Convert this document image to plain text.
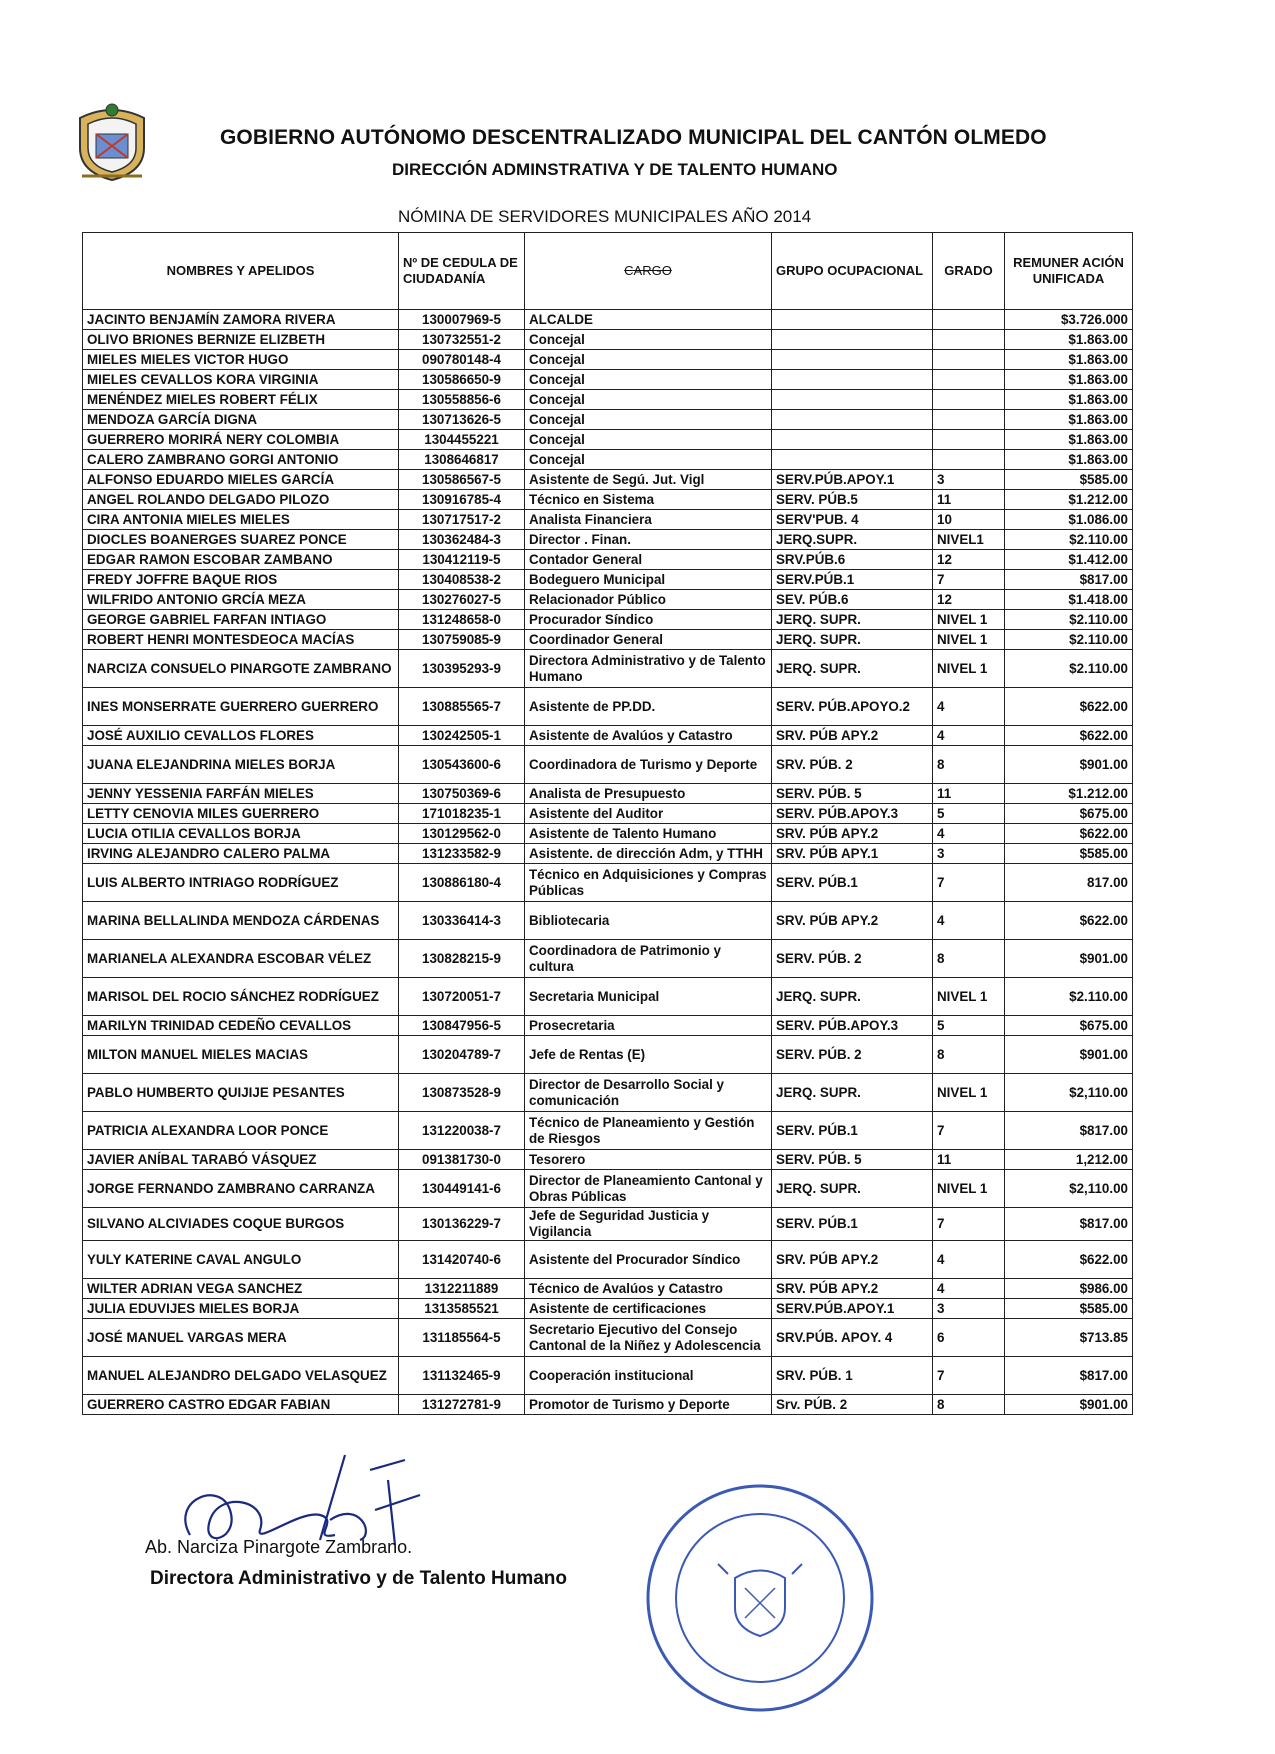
GOBIERNO AUTÓNOMO DESCENTRALIZADO MUNICIPAL DEL CANTÓN OLMEDO
DIRECCIÓN ADMINSTRATIVA Y DE TALENTO HUMANO
NÓMINA DE SERVIDORES MUNICIPALES AÑO 2014
NOMBRES Y APELIDOS	Nº DE CEDULA DE CIUDADANÍA	CARGO	GRUPO OCUPACIONAL	GRADO	REMUNER ACIÓN UNIFICADA
JACINTO BENJAMÍN ZAMORA RIVERA	130007969-5	ALCALDE			$3.726.000
OLIVO BRIONES BERNIZE ELIZBETH	130732551-2	Concejal			$1.863.00
MIELES MIELES VICTOR HUGO	090780148-4	Concejal			$1.863.00
MIELES CEVALLOS KORA VIRGINIA	130586650-9	Concejal			$1.863.00
MENÉNDEZ MIELES ROBERT FÉLIX	130558856-6	Concejal			$1.863.00
MENDOZA GARCÍA DIGNA	130713626-5	Concejal			$1.863.00
GUERRERO MORIRÁ NERY COLOMBIA	1304455221	Concejal			$1.863.00
CALERO ZAMBRANO GORGI ANTONIO	1308646817	Concejal			$1.863.00
ALFONSO EDUARDO MIELES GARCÍA	130586567-5	Asistente de Segú. Jut. Vigl	SERV.PÚB.APOY.1	3	$585.00
ANGEL ROLANDO DELGADO PILOZO	130916785-4	Técnico en Sistema	SERV. PÚB.5	11	$1.212.00
CIRA ANTONIA MIELES MIELES	130717517-2	Analista Financiera	SERV'PUB. 4	10	$1.086.00
DIOCLES BOANERGES SUAREZ PONCE	130362484-3	Director . Finan.	JERQ.SUPR.	NIVEL1	$2.110.00
EDGAR RAMON ESCOBAR ZAMBANO	130412119-5	Contador General	SRV.PÚB.6	12	$1.412.00
FREDY JOFFRE BAQUE RIOS	130408538-2	Bodeguero Municipal	SERV.PÚB.1	7	$817.00
WILFRIDO ANTONIO GRCÍA MEZA	130276027-5	Relacionador Público	SEV. PÚB.6	12	$1.418.00
GEORGE GABRIEL FARFAN INTIAGO	131248658-0	Procurador Síndico	JERQ. SUPR.	NIVEL 1	$2.110.00
ROBERT HENRI MONTESDEOCA MACÍAS	130759085-9	Coordinador General	JERQ. SUPR.	NIVEL 1	$2.110.00
NARCIZA CONSUELO PINARGOTE ZAMBRANO	130395293-9	Directora Administrativo y de Talento Humano	JERQ. SUPR.	NIVEL 1	$2.110.00
INES MONSERRATE GUERRERO GUERRERO	130885565-7	Asistente de PP.DD.	SERV. PÚB.APOYO.2	4	$622.00
JOSÉ AUXILIO CEVALLOS FLORES	130242505-1	Asistente de Avalúos y Catastro	SRV. PÚB APY.2	4	$622.00
JUANA ELEJANDRINA MIELES BORJA	130543600-6	Coordinadora de Turismo y Deporte	SRV. PÚB. 2	8	$901.00
JENNY YESSENIA FARFÁN MIELES	130750369-6	Analista de Presupuesto	SERV. PÚB. 5	11	$1.212.00
LETTY CENOVIA MILES GUERRERO	171018235-1	Asistente del Auditor	SERV. PÚB.APOY.3	5	$675.00
LUCIA OTILIA CEVALLOS BORJA	130129562-0	Asistente de Talento Humano	SRV. PÚB APY.2	4	$622.00
IRVING ALEJANDRO CALERO PALMA	131233582-9	Asistente. de dirección Adm, y TTHH	SRV. PÚB APY.1	3	$585.00
LUIS ALBERTO INTRIAGO RODRÍGUEZ	130886180-4	Técnico en Adquisiciones y Compras Públicas	SERV. PÚB.1	7	817.00
MARINA BELLALINDA MENDOZA CÁRDENAS	130336414-3	Bibliotecaria	SRV. PÚB APY.2	4	$622.00
MARIANELA ALEXANDRA ESCOBAR VÉLEZ	130828215-9	Coordinadora de Patrimonio y cultura	SERV. PÚB. 2	8	$901.00
MARISOL DEL ROCIO SÁNCHEZ RODRÍGUEZ	130720051-7	Secretaria Municipal	JERQ. SUPR.	NIVEL 1	$2.110.00
MARILYN TRINIDAD CEDEÑO CEVALLOS	130847956-5	Prosecretaria	SERV. PÚB.APOY.3	5	$675.00
MILTON MANUEL MIELES MACIAS	130204789-7	Jefe de Rentas (E)	SERV. PÚB. 2	8	$901.00
PABLO HUMBERTO QUIJIJE PESANTES	130873528-9	Director de Desarrollo Social y comunicación	JERQ. SUPR.	NIVEL 1	$2,110.00
PATRICIA ALEXANDRA LOOR PONCE	131220038-7	Técnico de Planeamiento y Gestión de Riesgos	SERV. PÚB.1	7	$817.00
JAVIER ANÍBAL TARABÓ VÁSQUEZ	091381730-0	Tesorero	SERV. PÚB. 5	11	1,212.00
JORGE FERNANDO ZAMBRANO CARRANZA	130449141-6	Director de Planeamiento Cantonal y Obras Públicas	JERQ. SUPR.	NIVEL 1	$2,110.00
SILVANO ALCIVIADES COQUE BURGOS	130136229-7	Jefe de Seguridad Justicia y Vigilancia	SERV. PÚB.1	7	$817.00
YULY KATERINE CAVAL ANGULO	131420740-6	Asistente del Procurador Síndico	SRV. PÚB APY.2	4	$622.00
WILTER ADRIAN VEGA SANCHEZ	1312211889	Técnico de Avalúos y Catastro	SRV. PÚB APY.2	4	$986.00
JULIA EDUVIJES MIELES BORJA	1313585521	Asistente de certificaciones	SERV.PÚB.APOY.1	3	$585.00
JOSÉ MANUEL VARGAS MERA	131185564-5	Secretario Ejecutivo del Consejo Cantonal de la Niñez y Adolescencia	SRV.PÚB. APOY. 4	6	$713.85
MANUEL ALEJANDRO DELGADO VELASQUEZ	131132465-9	Cooperación institucional	SRV. PÚB. 1	7	$817.00
GUERRERO CASTRO EDGAR FABIAN	131272781-9	Promotor de Turismo y Deporte	Srv. PÚB. 2	8	$901.00
Ab. Narciza Pinargote Zambrano.
Directora Administrativo y de Talento Humano
